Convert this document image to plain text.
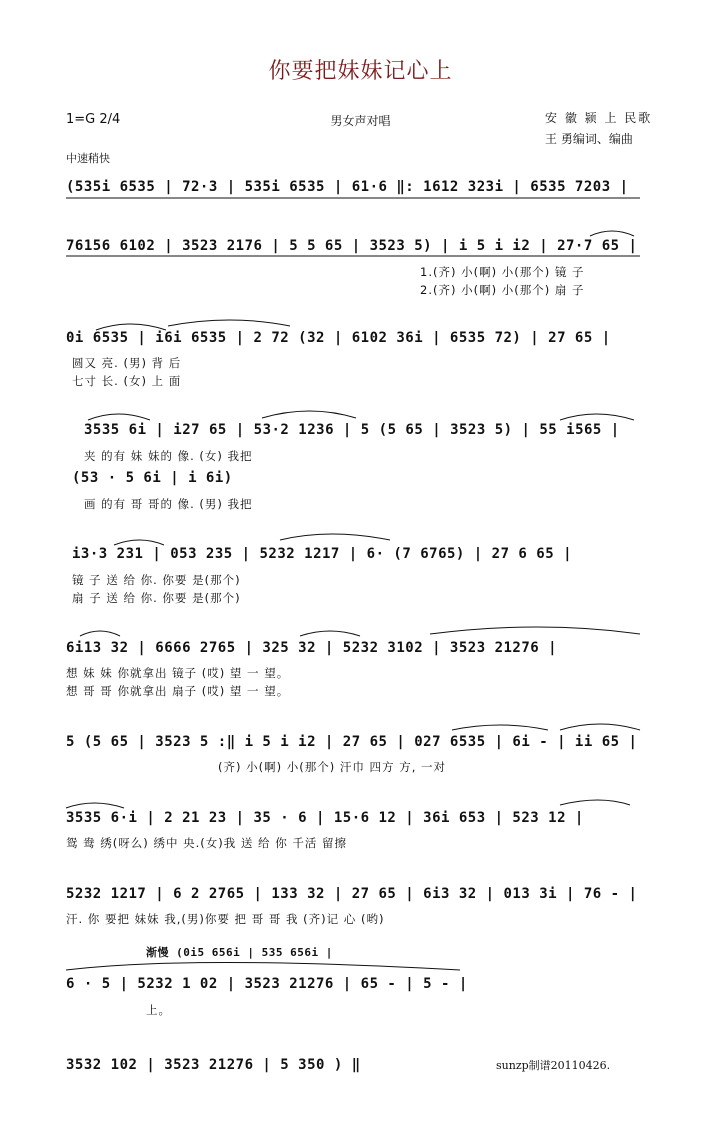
你要把妹妹记心上
1=G 2/4	男女声对唱	安 徽 颍 上 民歌
王 勇编词、编曲
中速稍快
(535i 6535 | 72·3 | 535i 6535 | 61·6 ‖: 1612 323i | 6535 7203 |
76156 6102 | 3523 2176 | 5 5 65 | 3523 5) | i 5 i i2 | 27·7 65 |
1.(齐) 小(啊) 小(那个) 镜 子
2.(齐) 小(啊) 小(那个) 扇 子
0i 6535 | i6i 6535 | 2 72 (32 | 6102 36i | 6535 72) | 27 65 |
圆又 亮. (男) 背 后
七寸 长. (女) 上 面
3535 6i | i27 65 | 53·2 1236 | 5 (5 65 | 3523 5) | 55 i565 |
夹 的有 妹 妹的 像. (女) 我把
(53 · 5 6i | i 6i)
画 的有 哥 哥的 像. (男) 我把
i3·3 231 | 053 235 | 5232 1217 | 6· (7 6765) | 27 6 65 |
镜 子 送 给 你. 你要 是(那个)
扇 子 送 给 你. 你要 是(那个)
6i13 32 | 6666 2765 | 325 32 | 5232 3102 | 3523 21276 |
想 妹 妹 你就拿出 镜子 (哎) 望 一 望。
想 哥 哥 你就拿出 扇子 (哎) 望 一 望。
5 (5 65 | 3523 5 :‖ i 5 i i2 | 27 65 | 027 6535 | 6i - | ii 65 |
(齐) 小(啊) 小(那个) 汗巾 四方 方, 一对
3535 6·i | 2 21 23 | 35 · 6 | 15·6 12 | 36i 653 | 523 12 |
鸳 鸯 绣(呀么) 绣中 央.(女)我 送 给 你 千活 留擦
5232 1217 | 6 2 2765 | 133 32 | 27 65 | 6i3 32 | 013 3i | 76 - |
汗. 你 要把 妹妹 我,(男)你要 把 哥 哥 我 (齐)记 心 (哟)
渐慢 (0i5 656i | 535 656i |
6 · 5 | 5232 1 02 | 3523 21276 | 65 - | 5 - |
上。
3532 102 | 3523 21276 | 5 350 ) ‖	sunzp制谱20110426.
